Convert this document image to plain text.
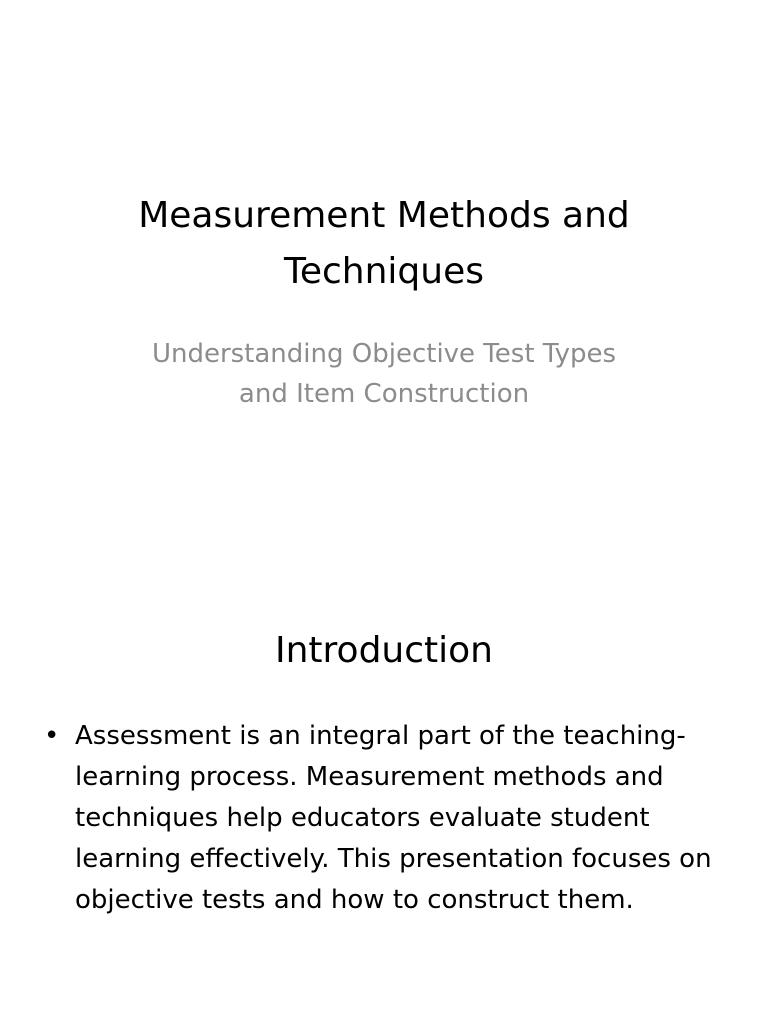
Measurement Methods and
Techniques

Understanding Objective Test Types
and Item Construction

Introduction
• Assessment is an integral part of the teaching-learning process. Measurement methods and techniques help educators evaluate student learning effectively. This presentation focuses on objective tests and how to construct them.
